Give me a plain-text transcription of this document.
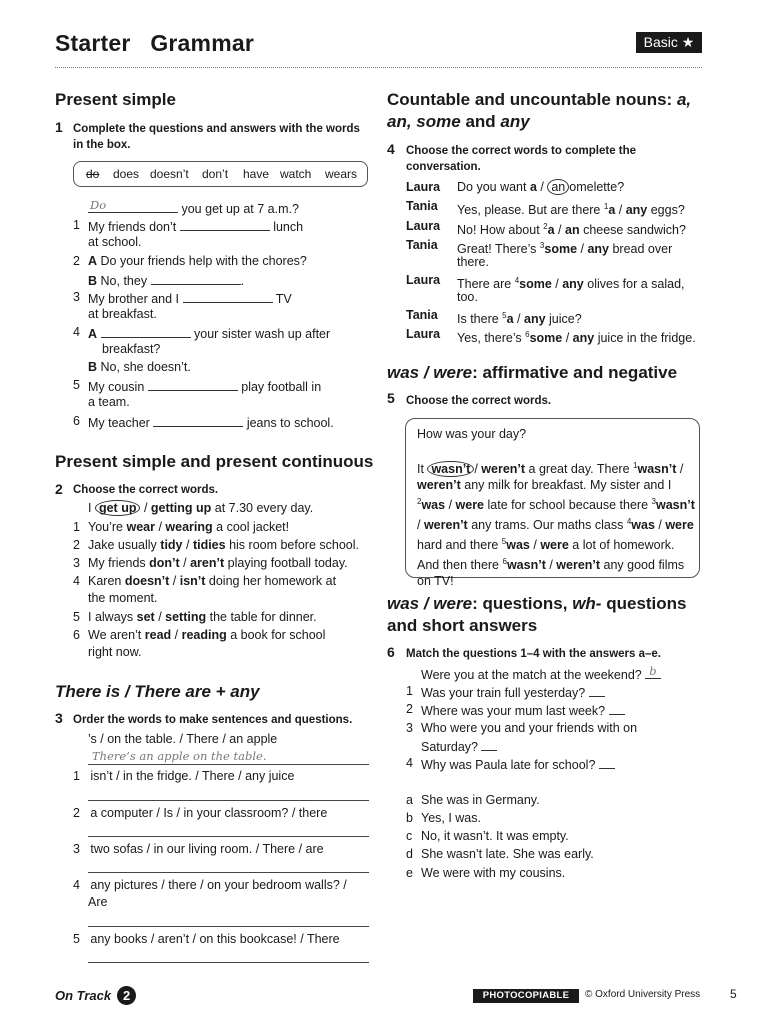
Starter   Grammar	Basic ★
Present simple
1 Complete the questions and answers with the words in the box.
do does doesn’t don’t have watch wears
Do	you get up at 7 a.m.?
1 My friends don’t	lunch
at school.
2 A Do your friends help with the chores?
B No, they	.
3 My brother and I	TV
at breakfast.
4 A	your sister wash up after
breakfast?
B No, she doesn’t.
5 My cousin	play football in
a team.
6 My teacher	jeans to school.
Present simple and present continuous
2 Choose the correct words.
I get up / getting up at 7.30 every day.
1 You’re wear / wearing a cool jacket!
2 Jake usually tidy / tidies his room before school.
3 My friends don’t / aren’t playing football today.
4 Karen doesn’t / isn’t doing her homework at
the moment.
5 I always set / setting the table for dinner.
6 We aren’t read / reading a book for school
right now.
There is / There are + any
3 Order the words to make sentences and questions.
’s / on the table. / There / an apple
There’s an apple on the table.
1 isn’t / in the fridge. / There / any juice
2 a computer / Is / in your classroom? / there
3 two sofas / in our living room. / There / are
4 any pictures / there / on your bedroom walls? /
Are
5 any books / aren’t / on this bookcase! / There
Countable and uncountable nouns: a,
an, some and any
4 Choose the correct words to complete the conversation.
Laura Do you want a / an omelette?
Tania Yes, please. But are there $^1$a / any eggs?
Laura No! How about $^2$a / an cheese sandwich?
Tania Great! There’s $^3$some / any bread over
there.
Laura There are $^4$some / any olives for a salad,
too.
Tania Is there $^5$a / any juice?
Laura Yes, there’s $^6$some / any juice in the fridge.
was / were: affirmative and negative
5 Choose the correct words.
How was your day?
It wasn’t / weren’t a great day. There $^1$wasn’t / weren’t any milk for breakfast. My sister and I $^2$was / were late for school because there $^3$wasn’t / weren’t any trams. Our maths class $^4$was / were hard and there $^5$was / were a lot of homework. And then there $^6$wasn’t / weren’t any good films on TV!
was / were: questions, wh- questions
and short answers
6 Match the questions 1–4 with the answers a–e.
Were you at the match at the weekend? b
1 Was your train full yesterday?
2 Where was your mum last week?
3 Who were you and your friends with on
Saturday?
4 Why was Paula late for school?
a She was in Germany.
b Yes, I was.
c No, it wasn’t. It was empty.
d She wasn’t late. She was early.
e We were with my cousins.
On Track 2	PHOTOCOPIABLE	© Oxford University Press 5
